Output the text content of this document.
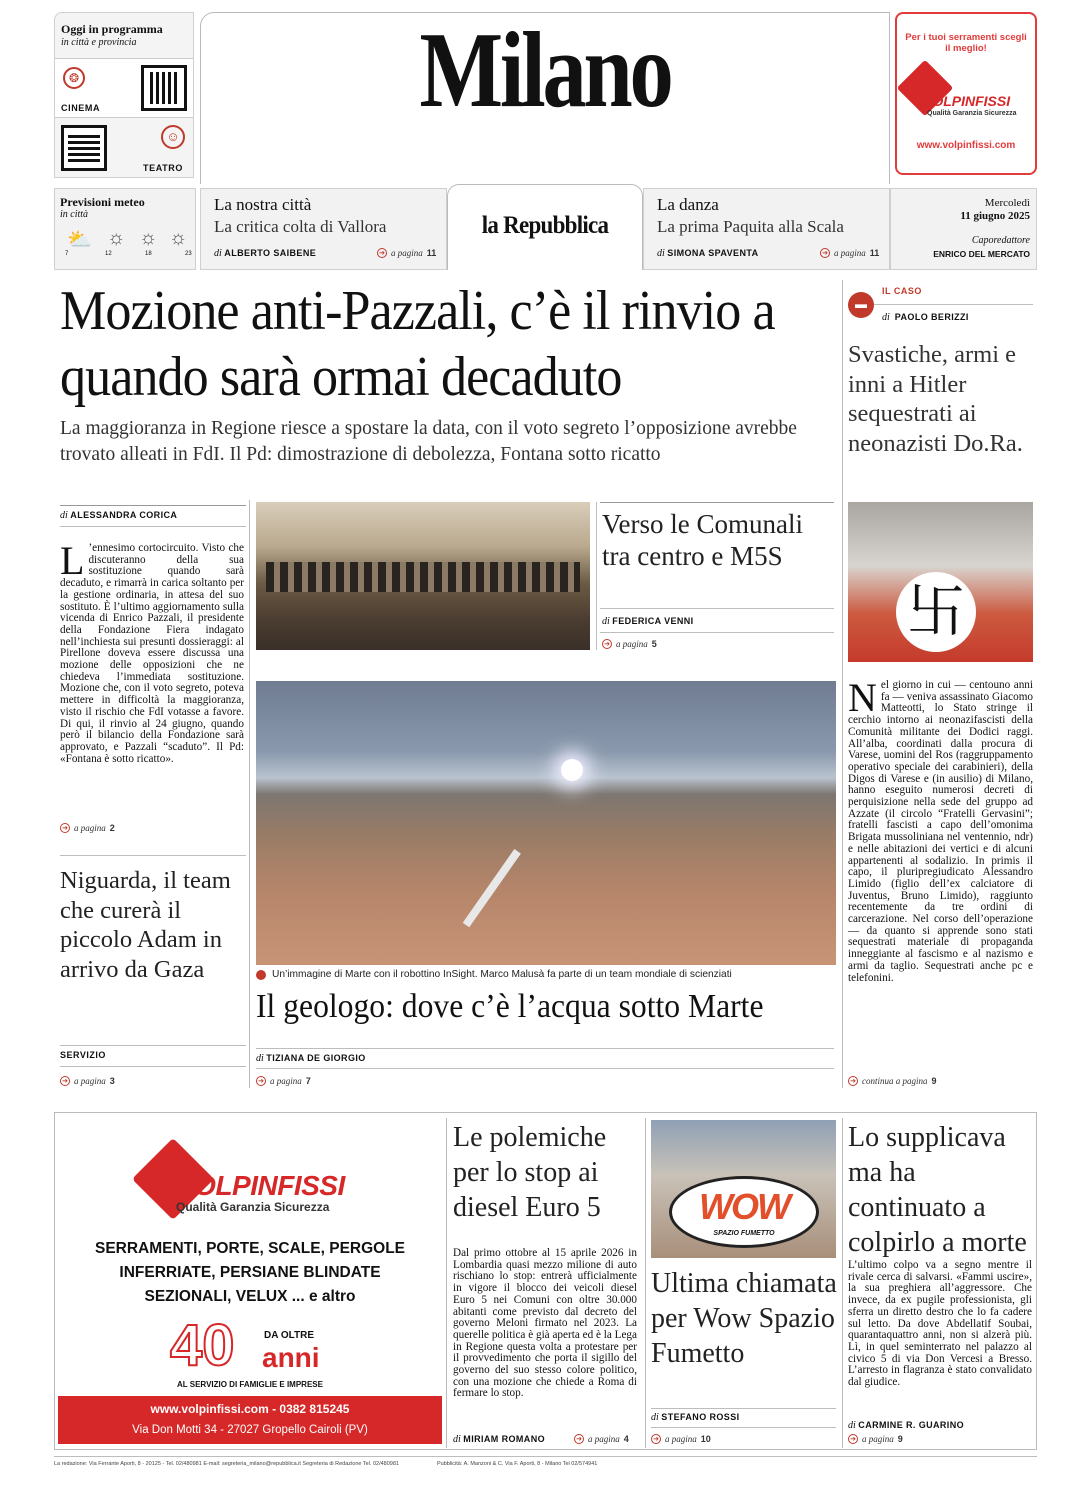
Oggi in programma
in città e provincia
❂
CINEMA
☺
TEATRO
Milano	Per i tuoi serramenti scegli il meglio!
VOLPINFISSI
Qualità Garanzia Sicurezza
www.volpinfissi.com
Previsioni meteo
in città
⛅ ☼ ☼ ☼
7	12	18	23
La nostra città
La critica colta di Vallora
di ALBERTO SAIBENE	➔ a pagina 11
la Repubblica
La danza
La prima Paquita alla Scala
di SIMONA SPAVENTA	➔ a pagina 11
Mercoledì
11 giugno 2025
Caporedattore
ENRICO DEL MERCATO
Mozione anti-Pazzali, c’è il rinvio a quando sarà ormai decaduto
La maggioranza in Regione riesce a spostare la data, con il voto segreto l’opposizione avrebbe trovato alleati in FdI. Il Pd: dimostrazione di debolezza, Fontana sotto ricatto
▬
IL CASO
di PAOLO BERIZZI
Svastiche, armi e inni a Hitler sequestrati ai neonazisti Do.Ra.
卐
Nel giorno in cui — centouno anni fa — veniva assassinato Giacomo Matteotti, lo Stato stringe il cerchio intorno ai neonazifascisti della Comunità militante dei Dodici raggi. All’alba, coordinati dalla procura di Varese, uomini del Ros (raggruppamento operativo speciale dei carabinieri), della Digos di Varese e (in ausilio) di Milano, hanno eseguito numerosi decreti di perquisizione nella sede del gruppo ad Azzate (il circolo “Fratelli Gervasini”; fratelli fascisti a capo dell’omonima Brigata mussoliniana nel ventennio, ndr) e nelle abitazioni dei vertici e di alcuni appartenenti al sodalizio. In primis il capo, il pluripregiudicato Alessandro Limido (figlio dell’ex calciatore di Juventus, Bruno Limido), raggiunto recentemente da tre ordini di carcerazione. Nel corso dell’operazione — da quanto si apprende sono stati sequestrati materiale di propaganda inneggiante al fascismo e al nazismo e armi da taglio. Sequestrati anche pc e telefonini.
➔ continua a pagina 9
di ALESSANDRA CORICA
L ’ennesimo cortocircuito. Visto che discuteranno della sua sostituzione quando sarà decaduto, e rimarrà in carica soltanto per la gestione ordinaria, in attesa del suo sostituto. È l’ultimo aggiornamento sulla vicenda di Enrico Pazzali, il presidente della Fondazione Fiera indagato nell’inchiesta sui presunti dossieraggi: al Pirellone doveva essere discussa una mozione delle opposizioni che ne chiedeva l’immediata sostituzione. Mozione che, con il voto segreto, poteva mettere in difficoltà la maggioranza, visto il rischio che FdI votasse a favore. Di qui, il rinvio al 24 giugno, quando però il bilancio della Fondazione sarà approvato, e Pazzali “scaduto”. Il Pd: «Fontana è sotto ricatto».
➔ a pagina 2
Niguarda, il team che curerà il piccolo Adam in arrivo da Gaza
SERVIZIO
➔ a pagina 3
Verso le Comunali tra centro e M5S
di FEDERICA VENNI
➔ a pagina 5
Un’immagine di Marte con il robottino InSight. Marco Malusà fa parte di un team mondiale di scienziati
Il geologo: dove c’è l’acqua sotto Marte
di TIZIANA DE GIORGIO
➔ a pagina 7
VOLPINFISSI
Qualità Garanzia Sicurezza
SERRAMENTI, PORTE, SCALE, PERGOLE
INFERRIATE, PERSIANE BLINDATE
SEZIONALI, VELUX ... e altro
40	DA OLTRE
anni
AL SERVIZIO DI FAMIGLIE E IMPRESE
www.volpinfissi.com - 0382 815245
Via Don Motti 34 - 27027 Gropello Cairoli (PV)
Le polemiche per lo stop ai diesel Euro 5
Dal primo ottobre al 15 aprile 2026 in Lombardia quasi mezzo milione di auto rischiano lo stop: entrerà ufficialmente in vigore il blocco dei veicoli diesel Euro 5 nei Comuni con oltre 30.000 abitanti come previsto dal decreto del governo Meloni firmato nel 2023. La querelle politica è già aperta ed è la Lega in Regione questa volta a protestare per il provvedimento che porta il sigillo del governo del suo stesso colore politico, con una mozione che chiede a Roma di fermare lo stop.
di MIRIAM ROMANO	➔ a pagina 4
WOW
SPAZIO FUMETTO
Ultima chiamata per Wow Spazio Fumetto
di STEFANO ROSSI
➔ a pagina 10
Lo supplicava ma ha continuato a colpirlo a morte
L’ultimo colpo va a segno mentre il rivale cerca di salvarsi. «Fammi uscire», la sua preghiera all’aggressore. Che invece, da ex pugile professionista, gli sferra un diretto destro che lo fa cadere sul letto. Da dove Abdellatif Soubai, quarantaquattro anni, non si alzerà più. Lì, in quel seminterrato nel palazzo al civico 5 di via Don Vercesi a Bresso. L’arresto in flagranza è stato convalidato dal giudice.
di CARMINE R. GUARINO
➔ a pagina 9
La redazione: Via Ferrante Aporti, 8 - 20125 - Tel. 02/480981 E-mail: segreteria_milano@repubblica.it Segreteria di Redazione Tel. 02/480981	Pubblicità: A. Manzoni & C. Via F. Aporti, 8 - Milano Tel 02/574941
